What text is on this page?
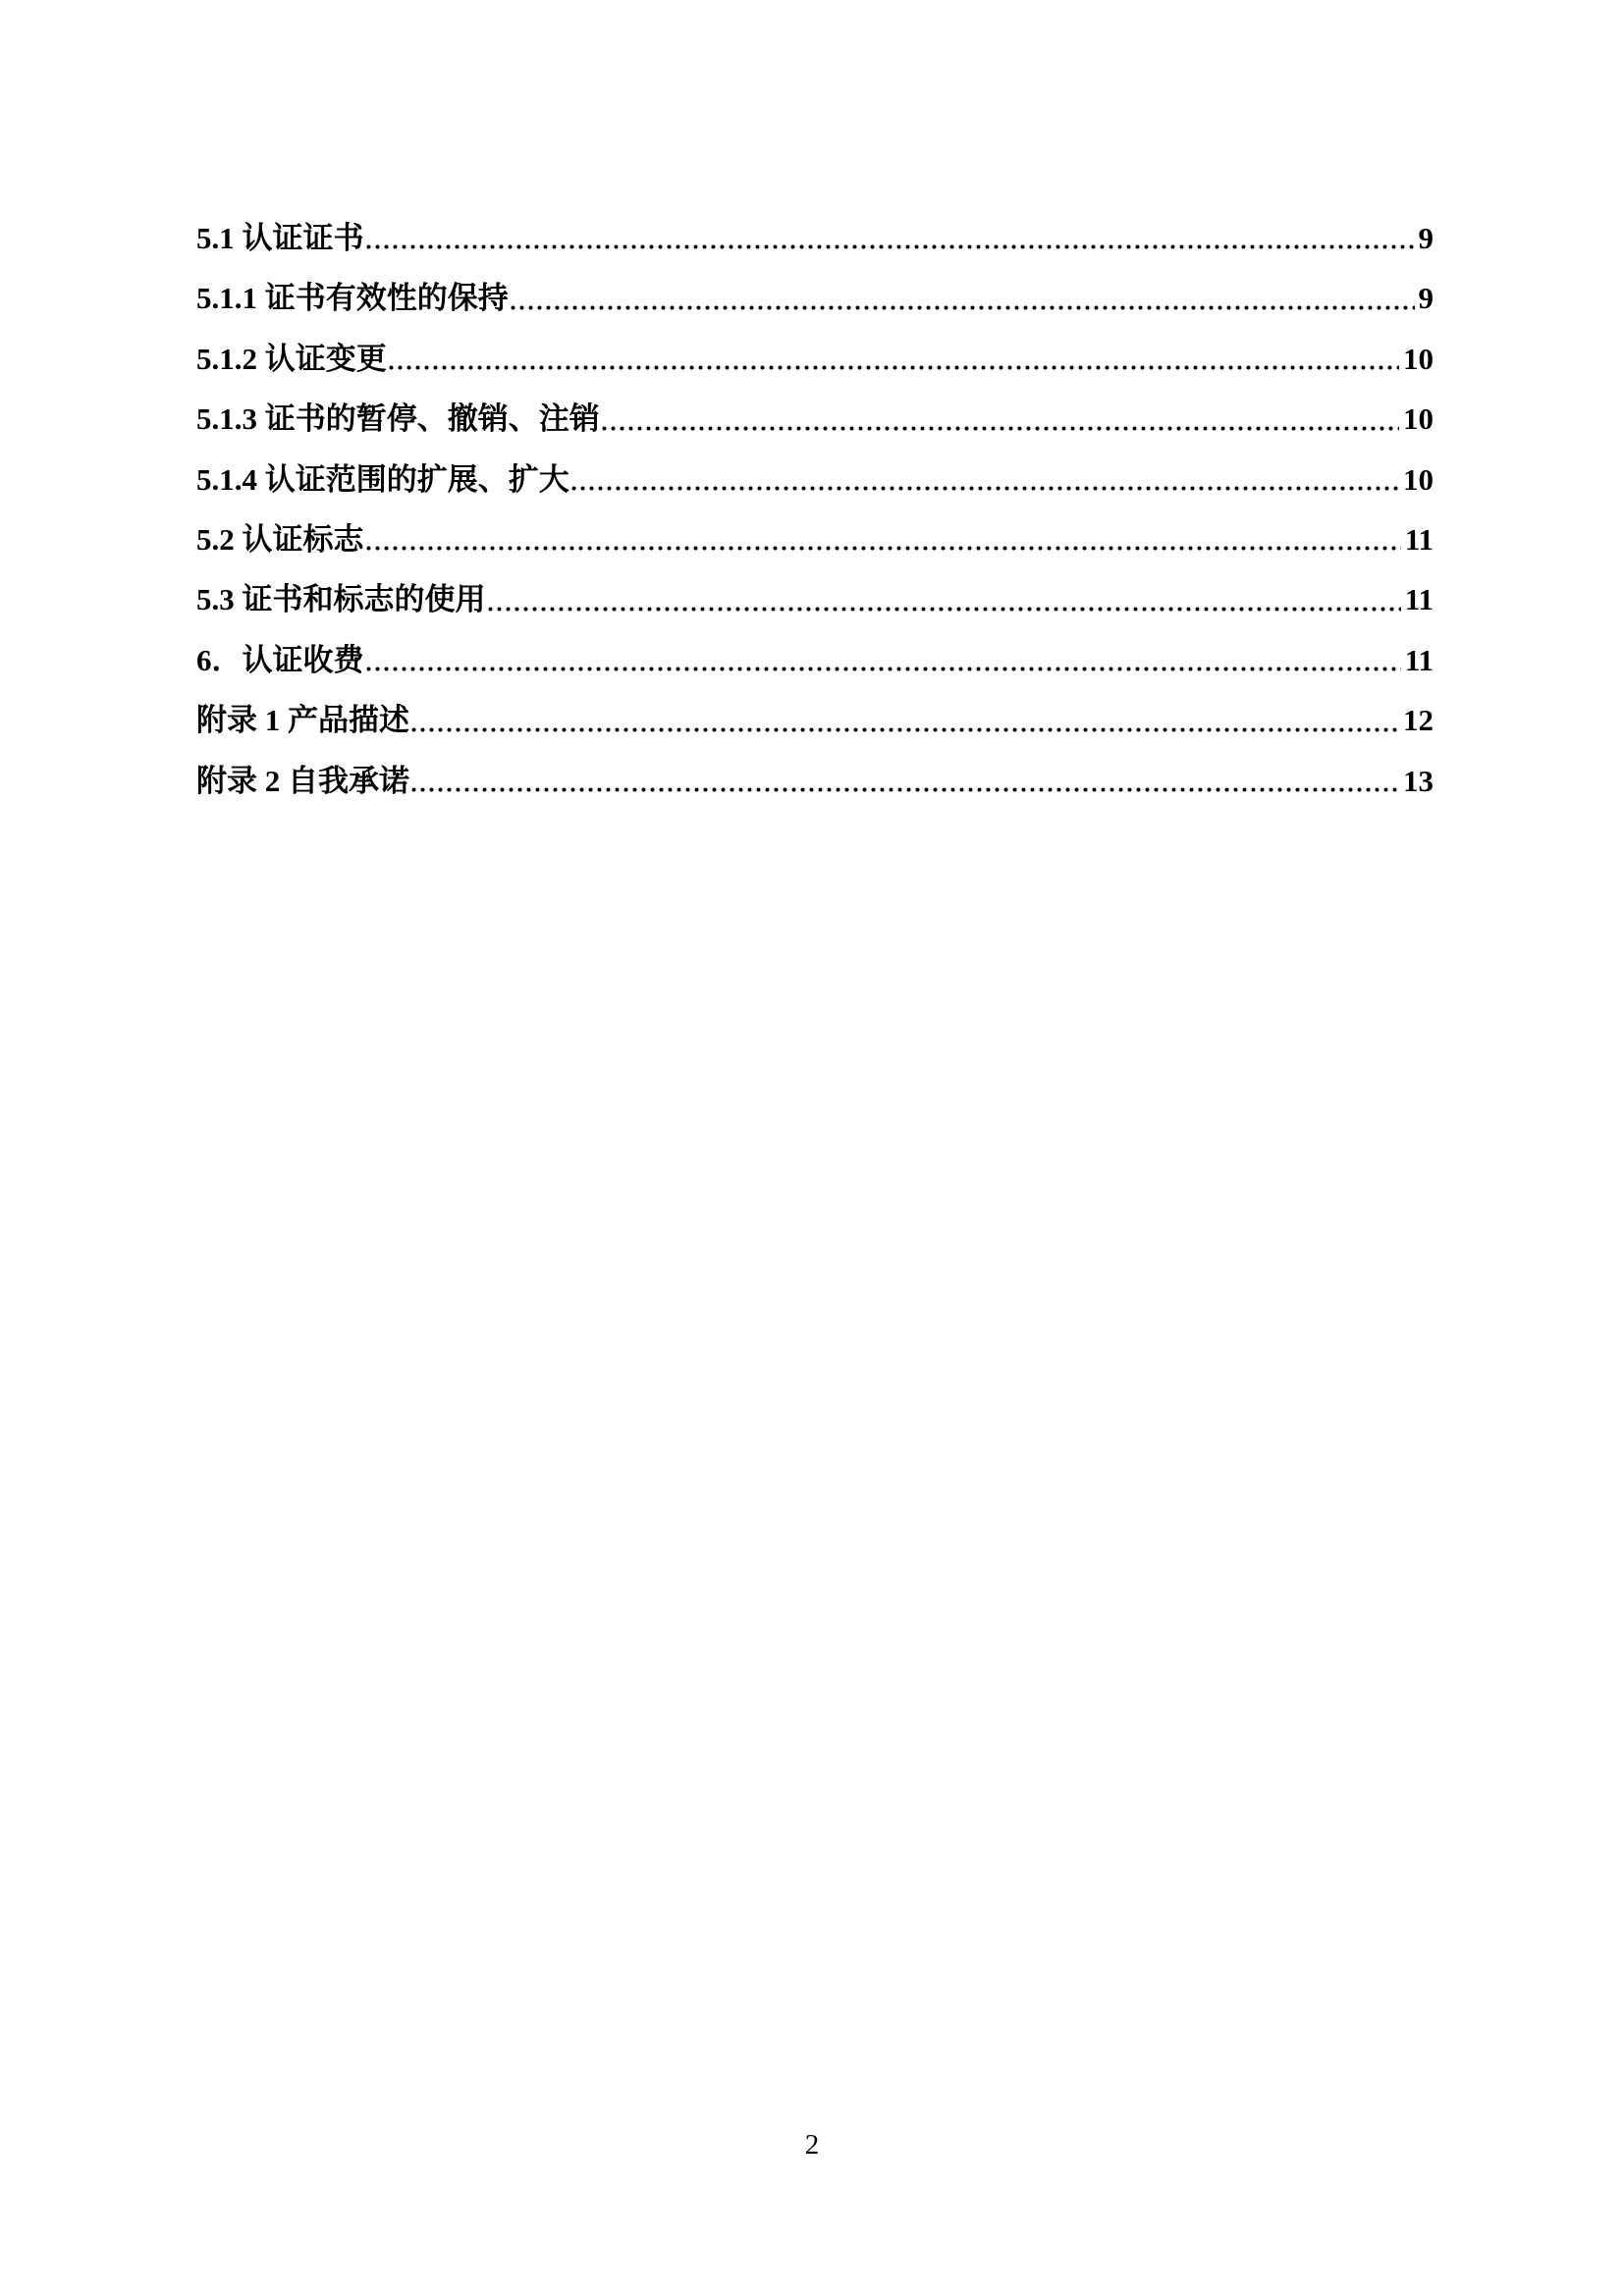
5.1 认证证书	9
5.1.1 证书有效性的保持	9
5.1.2 认证变更	10
5.1.3 证书的暂停、撤销、注销	10
5.1.4 认证范围的扩展、扩大	10
5.2 认证标志	11
5.3 证书和标志的使用	11
6．认证收费	11
附录 1 产品描述	12
附录 2 自我承诺	13
2
